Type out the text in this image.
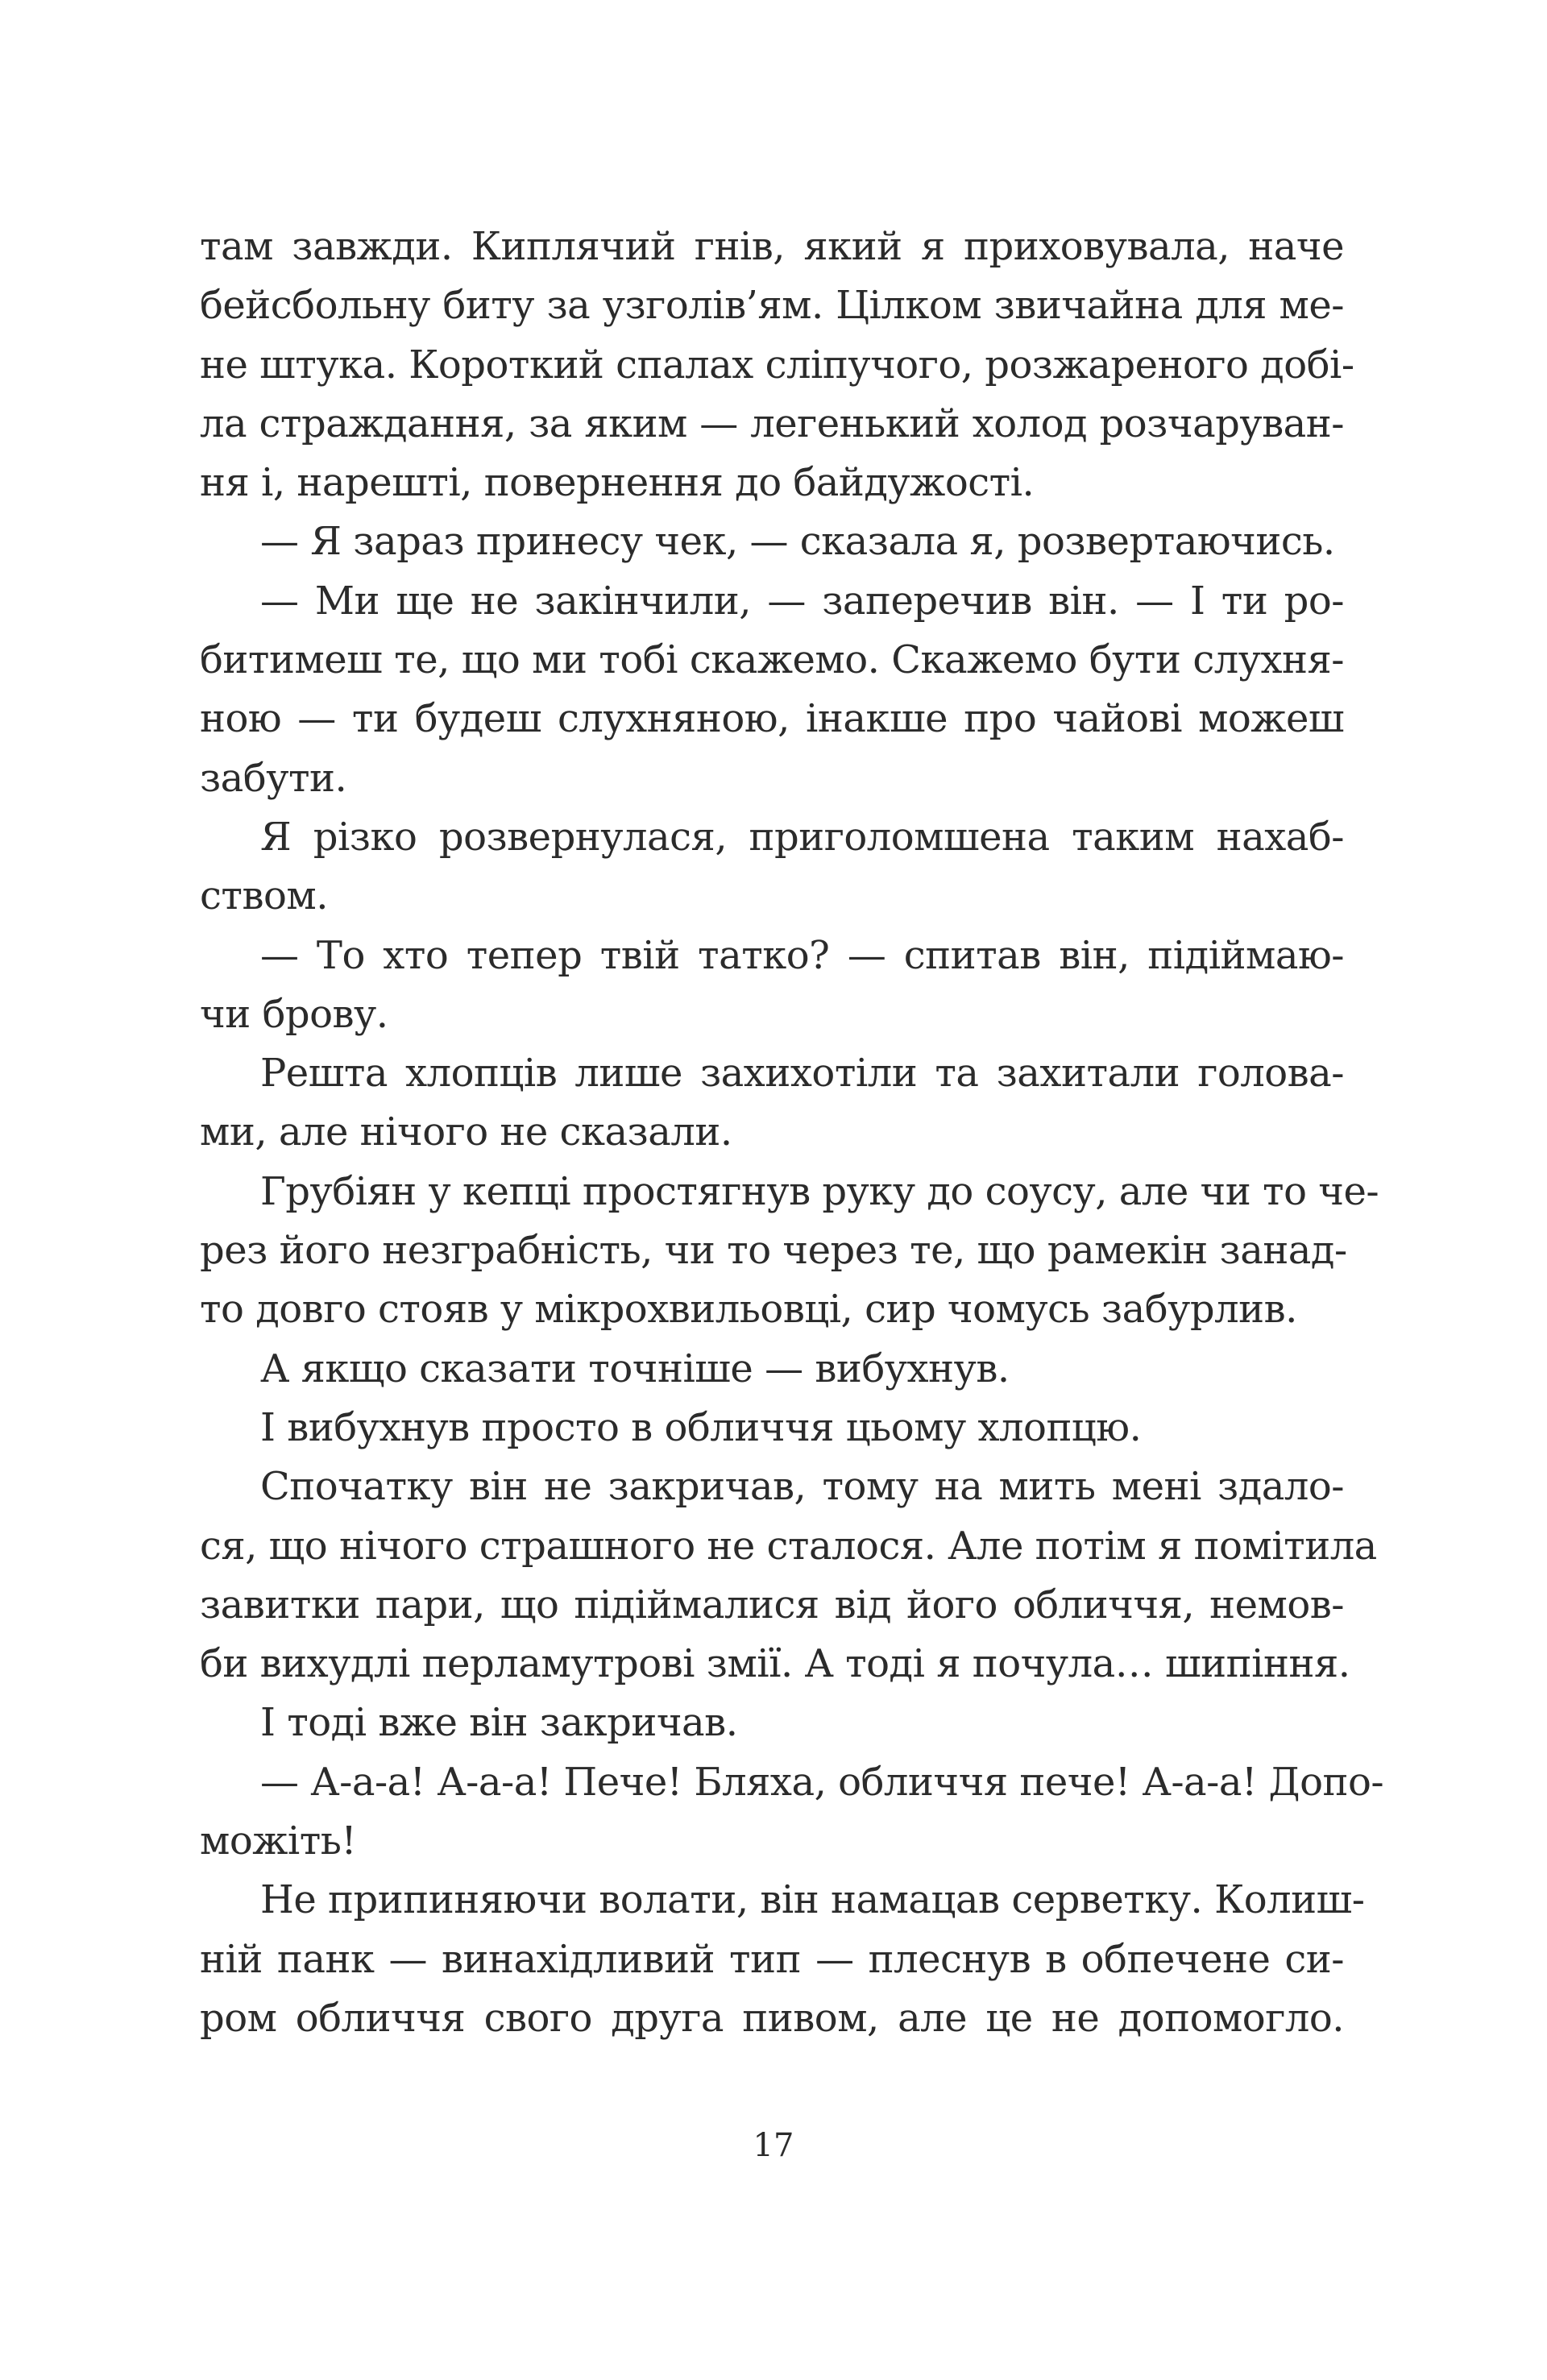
там завжди. Киплячий гнів, який я приховувала, наче
бейсбольну биту за узголів’ям. Цілком звичайна для ме-
не штука. Короткий спалах сліпучого, розжареного добі-
ла страждання, за яким — легенький холод розчаруван-
ня і, нарешті, повернення до байдужості.
— Я зараз принесу чек, — сказала я, розвертаючись.
— Ми ще не закінчили, — заперечив він. — І ти ро-
битимеш те, що ми тобі скажемо. Скажемо бути слухня-
ною — ти будеш слухняною, інакше про чайові можеш
забути.
Я різко розвернулася, приголомшена таким нахаб-
ством.
— То хто тепер твій татко? — спитав він, підіймаю-
чи брову.
Решта хлопців лише захихотіли та захитали голова-
ми, але нічого не сказали.
Грубіян у кепці простягнув руку до соусу, але чи то че-
рез його незграбність, чи то через те, що рамекін занад-
то довго стояв у мікрохвильовці, сир чомусь забурлив.
А якщо сказати точніше — вибухнув.
І вибухнув просто в обличчя цьому хлопцю.
Спочатку він не закричав, тому на мить мені здало-
ся, що нічого страшного не сталося. Але потім я помітила
завитки пари, що підіймалися від його обличчя, немов-
би вихудлі перламутрові змії. А тоді я почула… шипіння.
І тоді вже він закричав.
— А-а-а! А-а-а! Пече! Бляха, обличчя пече! А-а-а! Допо-
можіть!
Не припиняючи волати, він намацав серветку. Колиш-
ній панк — винахідливий тип — плеснув в обпечене си-
ром обличчя свого друга пивом, але це не допомогло.
17
